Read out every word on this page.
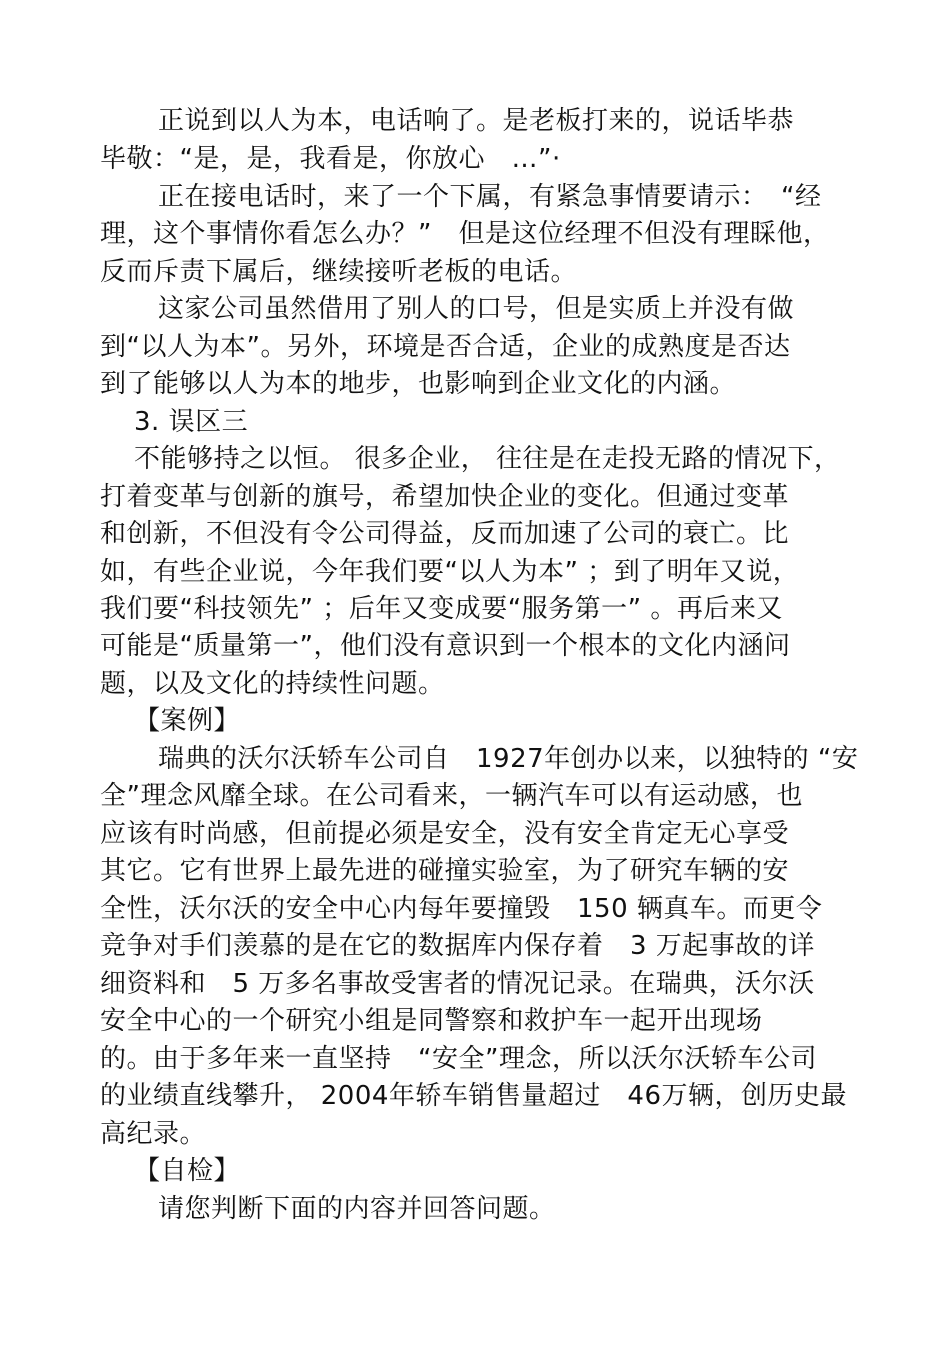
正说到以人为本，电话响了。是老板打来的，说话毕恭
毕敬：“是，是，我看是，你放心　…”·
正在接电话时，来了一个下属，有紧急事情要请示：　“经
理，这个事情你看怎么办？”　但是这位经理不但没有理睬他，
反而斥责下属后，继续接听老板的电话。
这家公司虽然借用了别人的口号，但是实质上并没有做
到“以人为本”。另外，环境是否合适，企业的成熟度是否达
到了能够以人为本的地步，也影响到企业文化的内涵。
3. 误区三
不能够持之以恒。 很多企业， 往往是在走投无路的情况下，
打着变革与创新的旗号，希望加快企业的变化。但通过变革
和创新，不但没有令公司得益，反而加速了公司的衰亡。比
如，有些企业说，今年我们要“以人为本” ；到了明年又说，
我们要“科技领先” ；后年又变成要“服务第一” 。再后来又
可能是“质量第一”，他们没有意识到一个根本的文化内涵问
题，以及文化的持续性问题。
【案例】
瑞典的沃尔沃轿车公司自　1927年创办以来，以独特的 “安
全”理念风靡全球。在公司看来，一辆汽车可以有运动感，也
应该有时尚感，但前提必须是安全，没有安全肯定无心享受
其它。它有世界上最先进的碰撞实验室，为了研究车辆的安
全性，沃尔沃的安全中心内每年要撞毁　150 辆真车。而更令
竞争对手们羡慕的是在它的数据库内保存着　3 万起事故的详
细资料和　5 万多名事故受害者的情况记录。在瑞典，沃尔沃
安全中心的一个研究小组是同警察和救护车一起开出现场
的。由于多年来一直坚持　“安全”理念，所以沃尔沃轿车公司
的业绩直线攀升， 2004年轿车销售量超过　46万辆，创历史最
高纪录。
【自检】
请您判断下面的内容并回答问题。
